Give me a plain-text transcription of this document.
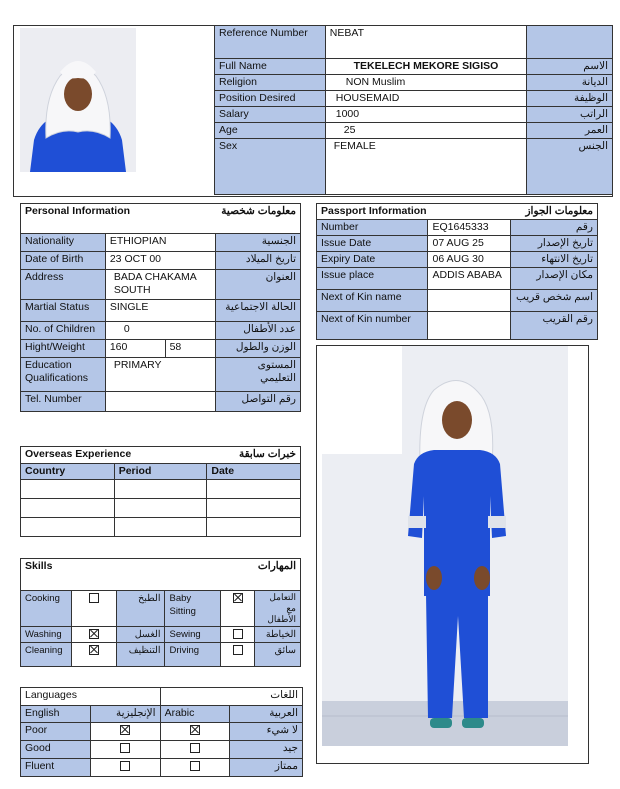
Reference Number	NEBAT	
Full Name	TEKELECH MEKORE SIGISO	الاسم
Religion	NON Muslim	الديانة
Position Desired	HOUSEMAID	الوظيفة
Salary	1000	الراتب
Age	25	العمر
Sex	FEMALE	الجنس
Personal Information معلومات شخصية			

Nationality	ETHIOPIAN		الجنسية
Date of Birth	23 OCT 00		تاريخ الميلاد
Address	BADA CHAKAMA SOUTH		العنوان
Martial Status	SINGLE		الحالة الاجتماعية
No. of Children	0		عدد الأطفال
Hight/Weight	160	58	الوزن والطول
Education Qualifications	PRIMARY		المستوى التعليمي
Tel. Number			رقم التواصل
Passport Information معلومات الجواز		

Number	EQ1645333	رقم
Issue Date	07 AUG 25	تاريخ الإصدار
Expiry Date	06 AUG 30	تاريخ الانتهاء
Issue place	ADDIS ABABA	مكان الإصدار
Next of Kin name		اسم شخص قريب
Next of Kin number		رقم القريب
Overseas Experience خبرات سابقة		

Country	Period	Date

Skills المهارات					

Cooking		الطبخ	Baby Sitting		التعامل مع الأطفال
Washing		الغسل	Sewing		الخياطة
Cleaning		التنظيف	Driving		سائق
Languages		اللغات	
English	الإنجليزية	Arabic	العربية
Poor			لا شيء
Good			جيد
Fluent			ممتاز
